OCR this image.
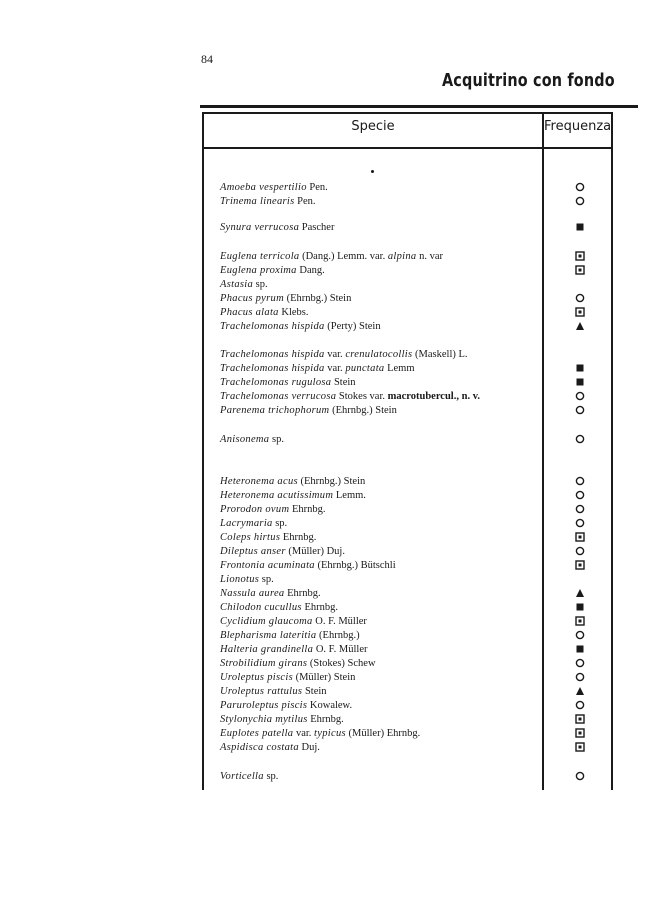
84
Acquitrino con fondo
Specie	Frequenza
Amoeba vespertilio Pen.
Trinema linearis Pen.
Synura verrucosa Pascher
Euglena terricola (Dang.) Lemm. var. alpina n. var
Euglena proxima Dang.
Astasia sp.
Phacus pyrum (Ehrnbg.) Stein
Phacus alata Klebs.
Trachelomonas hispida (Perty) Stein
Trachelomonas hispida var. crenulatocollis (Maskell) L.
Trachelomonas hispida var. punctata Lemm
Trachelomonas rugulosa Stein
Trachelomonas verrucosa Stokes var. macrotubercul., n. v.
Parenema trichophorum (Ehrnbg.) Stein
Anisonema sp.
Heteronema acus (Ehrnbg.) Stein
Heteronema acutissimum Lemm.
Prorodon ovum Ehrnbg.
Lacrymaria sp.
Coleps hirtus Ehrnbg.
Dileptus anser (Müller) Duj.
Frontonia acuminata (Ehrnbg.) Bütschli
Lionotus sp.
Nassula aurea Ehrnbg.
Chilodon cucullus Ehrnbg.
Cyclidium glaucoma O. F. Müller
Blepharisma lateritia (Ehrnbg.)
Halteria grandinella O. F. Müller
Strobilidium girans (Stokes) Schew
Uroleptus piscis (Müller) Stein
Uroleptus rattulus Stein
Paruroleptus piscis Kowalew.
Stylonychia mytilus Ehrnbg.
Euplotes patella var. typicus (Müller) Ehrnbg.
Aspidisca costata Duj.
Vorticella sp.
